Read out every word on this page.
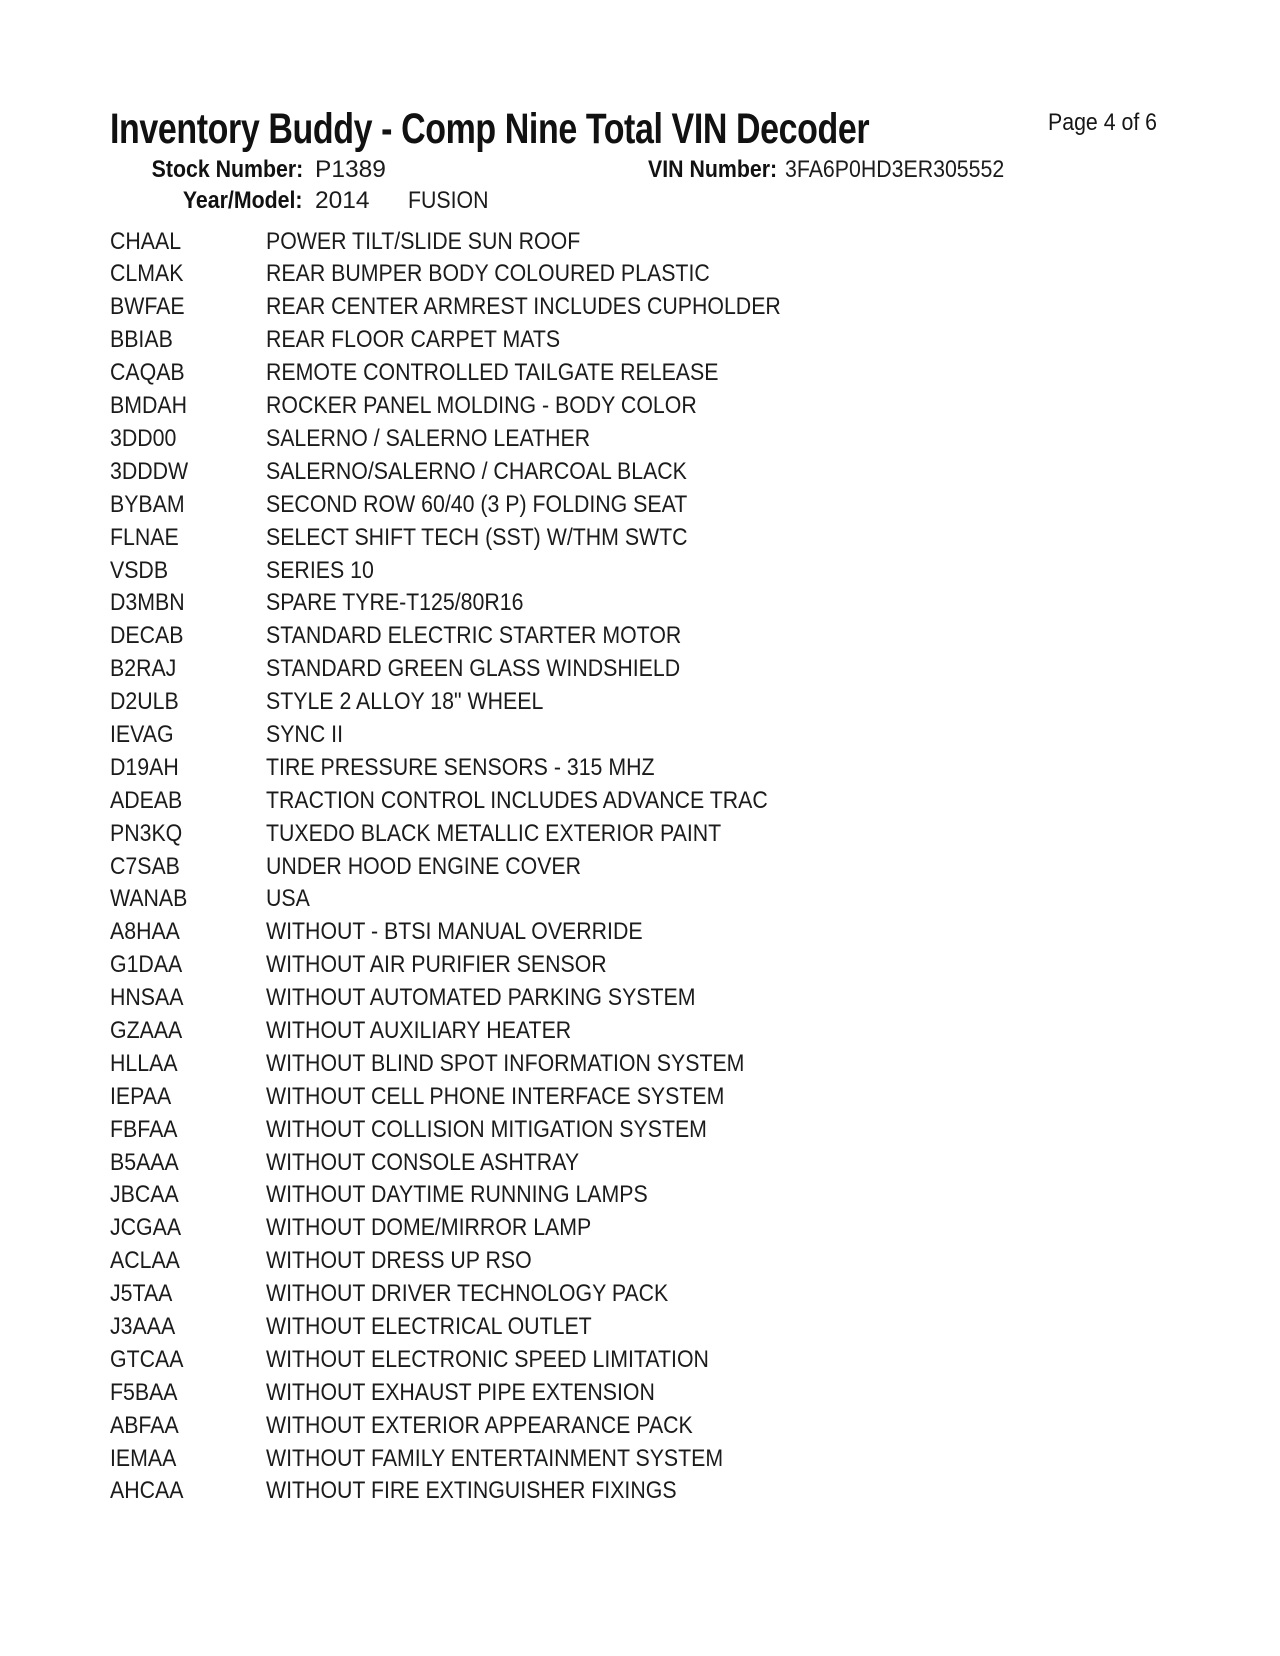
Inventory Buddy - Comp Nine Total VIN Decoder	Page 4 of 6
Stock Number: P1389	VIN Number: 3FA6P0HD3ER305552
Year/Model: 2014 FUSION
CHAAL	POWER TILT/SLIDE SUN ROOF
CLMAK	REAR BUMPER BODY COLOURED PLASTIC
BWFAE	REAR CENTER ARMREST INCLUDES CUPHOLDER
BBIAB	REAR FLOOR CARPET MATS
CAQAB	REMOTE CONTROLLED TAILGATE RELEASE
BMDAH	ROCKER PANEL MOLDING - BODY COLOR
3DD00	SALERNO / SALERNO LEATHER
3DDDW	SALERNO/SALERNO / CHARCOAL BLACK
BYBAM	SECOND ROW 60/40 (3 P) FOLDING SEAT
FLNAE	SELECT SHIFT TECH (SST) W/THM SWTC
VSDB	SERIES 10
D3MBN	SPARE TYRE-T125/80R16
DECAB	STANDARD ELECTRIC STARTER MOTOR
B2RAJ	STANDARD GREEN GLASS WINDSHIELD
D2ULB	STYLE 2 ALLOY 18" WHEEL
IEVAG	SYNC II
D19AH	TIRE PRESSURE SENSORS - 315 MHZ
ADEAB	TRACTION CONTROL INCLUDES ADVANCE TRAC
PN3KQ	TUXEDO BLACK METALLIC EXTERIOR PAINT
C7SAB	UNDER HOOD ENGINE COVER
WANAB	USA
A8HAA	WITHOUT - BTSI MANUAL OVERRIDE
G1DAA	WITHOUT AIR PURIFIER SENSOR
HNSAA	WITHOUT AUTOMATED PARKING SYSTEM
GZAAA	WITHOUT AUXILIARY HEATER
HLLAA	WITHOUT BLIND SPOT INFORMATION SYSTEM
IEPAA	WITHOUT CELL PHONE INTERFACE SYSTEM
FBFAA	WITHOUT COLLISION MITIGATION SYSTEM
B5AAA	WITHOUT CONSOLE ASHTRAY
JBCAA	WITHOUT DAYTIME RUNNING LAMPS
JCGAA	WITHOUT DOME/MIRROR LAMP
ACLAA	WITHOUT DRESS UP RSO
J5TAA	WITHOUT DRIVER TECHNOLOGY PACK
J3AAA	WITHOUT ELECTRICAL OUTLET
GTCAA	WITHOUT ELECTRONIC SPEED LIMITATION
F5BAA	WITHOUT EXHAUST PIPE EXTENSION
ABFAA	WITHOUT EXTERIOR APPEARANCE PACK
IEMAA	WITHOUT FAMILY ENTERTAINMENT SYSTEM
AHCAA	WITHOUT FIRE EXTINGUISHER FIXINGS
